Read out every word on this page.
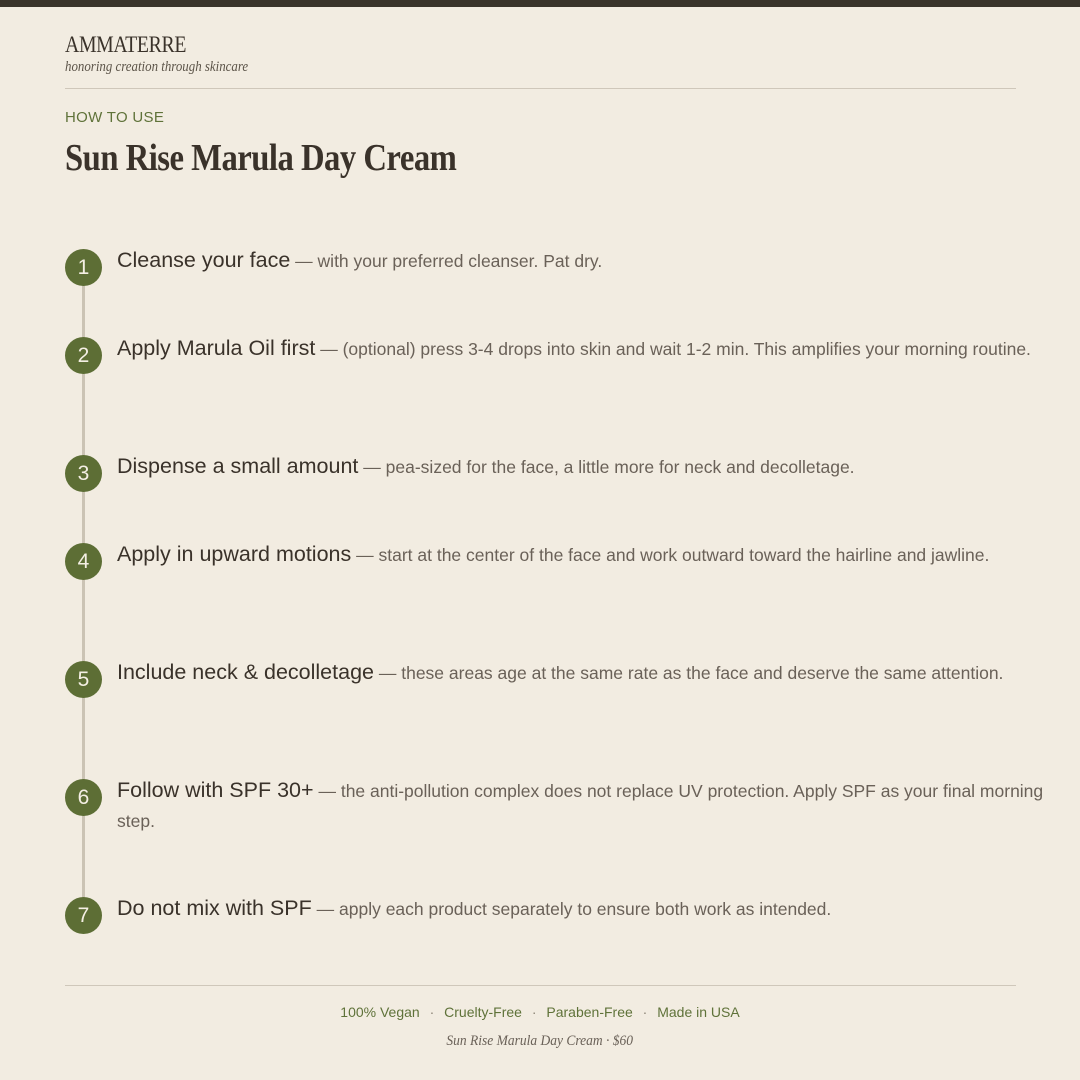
AMMATERRE
honoring creation through skincare
HOW TO USE
Sun Rise Marula Day Cream
1	Cleanse your face — with your preferred cleanser. Pat dry.
2	Apply Marula Oil first — (optional) press 3-4 drops into skin and wait 1-2 min. This amplifies your morning routine.
3	Dispense a small amount — pea-sized for the face, a little more for neck and decolletage.
4	Apply in upward motions — start at the center of the face and work outward toward the hairline and jawline.
5	Include neck & decolletage — these areas age at the same rate as the face and deserve the same attention.
6	Follow with SPF 30+ — the anti-pollution complex does not replace UV protection. Apply SPF as your final morning step.
7	Do not mix with SPF — apply each product separately to ensure both work as intended.
100% Vegan · Cruelty-Free · Paraben-Free · Made in USA
Sun Rise Marula Day Cream · $60
